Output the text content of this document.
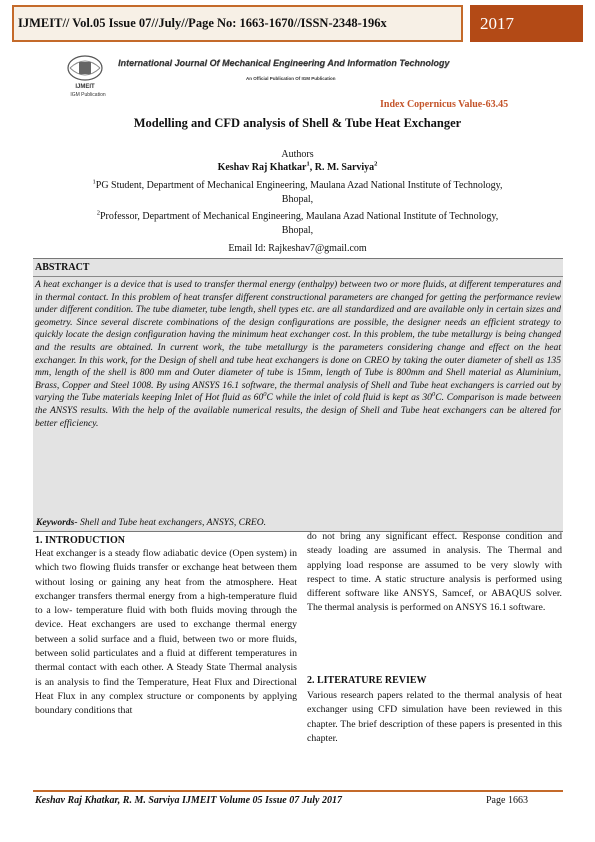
IJMEIT// Vol.05 Issue 07//July//Page No: 1663-1670//ISSN-2348-196x	2017
IJMEIT
IGM Publication
International Journal Of Mechanical Engineering And Information Technology
An Official Publication Of IGM Publication
Index Copernicus Value-63.45
Modelling and CFD analysis of Shell & Tube Heat Exchanger
Authors
Keshav Raj Khatkar$^1$, R. M. Sarviya$^2$
$^1$PG Student, Department of Mechanical Engineering, Maulana Azad National Institute of Technology,
Bhopal,
$^2$Professor, Department of Mechanical Engineering, Maulana Azad National Institute of Technology,
Bhopal,
Email Id: Rajkeshav7@gmail.com
ABSTRACT
A heat exchanger is a device that is used to transfer thermal energy (enthalpy) between two or more fluids, at different temperatures and in thermal contact. In this problem of heat transfer different constructional parameters are changed for getting the performance review under different condition. The tube diameter, tube length, shell types etc. are all standardized and are available only in certain sizes and geometry. Since several discrete combinations of the design configurations are possible, the designer needs an efficient strategy to quickly locate the design configuration having the minimum heat exchanger cost. In this problem, the tube metallurgy is being changed and the results are obtained. In current work, the tube metallurgy is the parameters considering change and effect on the heat exchanger. In this work, for the Design of shell and tube heat exchangers is done on CREO by taking the outer diameter of shell as 135 mm, length of the shell is 800 mm and Outer diameter of tube is 15mm, length of Tube is 800mm and Shell material as Aluminium, Brass, Copper and Steel 1008. By using ANSYS 16.1 software, the thermal analysis of Shell and Tube heat exchangers is carried out by varying the Tube materials keeping Inlet of Hot fluid as $60^0C$ while the inlet of cold fluid is kept as $30^0C$. Comparison is made between the ANSYS results. With the help of the available numerical results, the design of Shell and Tube heat exchangers can be altered for better efficiency.
Keywords- Shell and Tube heat exchangers, ANSYS, CREO.
1. INTRODUCTION
Heat exchanger is a steady flow adiabatic device (Open system) in which two flowing fluids transfer or exchange heat between them without losing or gaining any heat from the atmosphere. Heat exchanger transfers thermal energy from a high-temperature fluid to a low- temperature fluid with both fluids moving through the device. Heat exchangers are used to exchange thermal energy between a solid surface and a fluid, between two or more fluids, between solid particulates and a fluid at different temperatures in thermal contact with each other. A Steady State Thermal analysis is an analysis to find the Temperature, Heat Flux and Directional Heat Flux in any complex structure or components by applying boundary conditions that
do not bring any significant effect. Response condition and steady loading are assumed in analysis. The Thermal and applying load response are assumed to be very slowly with respect to time. A static structure analysis is performed using different software like ANSYS, Samcef, or ABAQUS solver. The thermal analysis is performed on ANSYS 16.1 software.
2. LITERATURE REVIEW
Various research papers related to the thermal analysis of heat exchanger using CFD simulation have been reviewed in this chapter. The brief description of these papers is presented in this chapter.
Keshav Raj Khatkar, R. M. Sarviya IJMEIT Volume 05 Issue 07 July 2017	Page 1663
